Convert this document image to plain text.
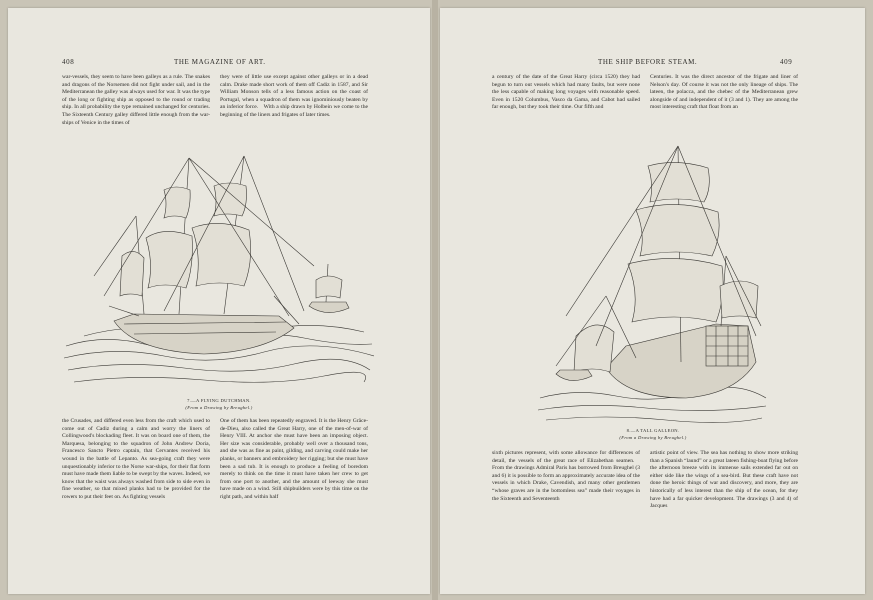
408	THE MAGAZINE OF ART.

war-vessels, they seem to have been galleys as a rule. The snakes and dragons of the Norsemen did not fight under sail, and in the Mediterranean the galley was always used for war. It was the type of the long or fighting ship as opposed to the round or trading ship. In all probability the type remained unchanged for centuries. The Sixteenth Century galley differed little enough from the war-ships of Venice in the times of

they were of little use except against other galleys or in a dead calm. Drake made short work of them off Cadiz in 1587, and Sir William Monson tells of a less famous action on the coast of Portugal, when a squadron of them was ignominiously beaten by an inferior force. With a ship drawn by Holbein we come to the beginning of the liners and frigates of later times.

7.—A FLYING DUTCHMAN.
(From a Drawing by Breughel.)

the Crusades, and differed even less from the craft which used to come out of Cadiz during a calm and worry the liners of Collingwood's blockading fleet. It was on board one of them, the Marquesa, belonging to the squadron of John Andrew Doria, Francesco Sancto Pietro captain, that Cervantes received his wound in the battle of Lepanto. As sea-going craft they were unquestionably inferior to the Norse war-ships, for their flat form must have made them liable to be swept by the waves. Indeed, we know that the waist was always washed from side to side even in fine weather, so that mixed planks had to be provided for the rowers to put their feet on. As fighting vessels

One of them has been repeatedly engraved. It is the Henry Grâce-de-Dieu, also called the Great Harry, one of the men-of-war of Henry VIII. At anchor she must have been an imposing object. Her size was considerable, probably well over a thousand tons, and she was as fine as paint, gilding, and carving could make her planks, or banners and embroidery her rigging; but she must have been a sad tub. It is enough to produce a feeling of boredom merely to think on the time it must have taken her crew to get from one port to another, and the amount of leeway she must have made on a wind. Still shipbuilders were by this time on the right path, and within half

THE SHIP BEFORE STEAM.	409

a century of the date of the Great Harry (circa 1520) they had begun to turn out vessels which had many faults, but were none the less capable of making long voyages with reasonable speed. Even in 1520 Columbus, Vasco da Gama, and Cabot had sailed far enough, but they took their time. Our fifth and

Centuries. It was the direct ancestor of the frigate and liner of Nelson's day. Of course it was not the only lineage of ships. The lateen, the polacca, and the chebec of the Mediterranean grew alongside of and independent of it (3 and 1). They are among the most interesting craft that float from an

8.—A TALL GALLEON.
(From a Drawing by Breughel.)

sixth pictures represent, with some allowance for differences of detail, the vessels of the great race of Elizabethan seamen. From the drawings Admiral Paris has borrowed from Breughel (3 and 6) it is possible to form an approximately accurate idea of the vessels in which Drake, Cavendish, and many other gentlemen “whose graves are in the bottomless sea” made their voyages in the Sixteenth and Seventeenth

artistic point of view. The sea has nothing to show more striking than a Spanish “laund” or a great lateen fishing-boat flying before the afternoon breeze with its immense sails extended far out on either side like the wings of a sea-bird. But these craft have not done the heroic things of war and discovery, and more, they are historically of less interest than the ship of the ocean, for they have had a far quicker development. The drawings (3 and 4) of Jacques
